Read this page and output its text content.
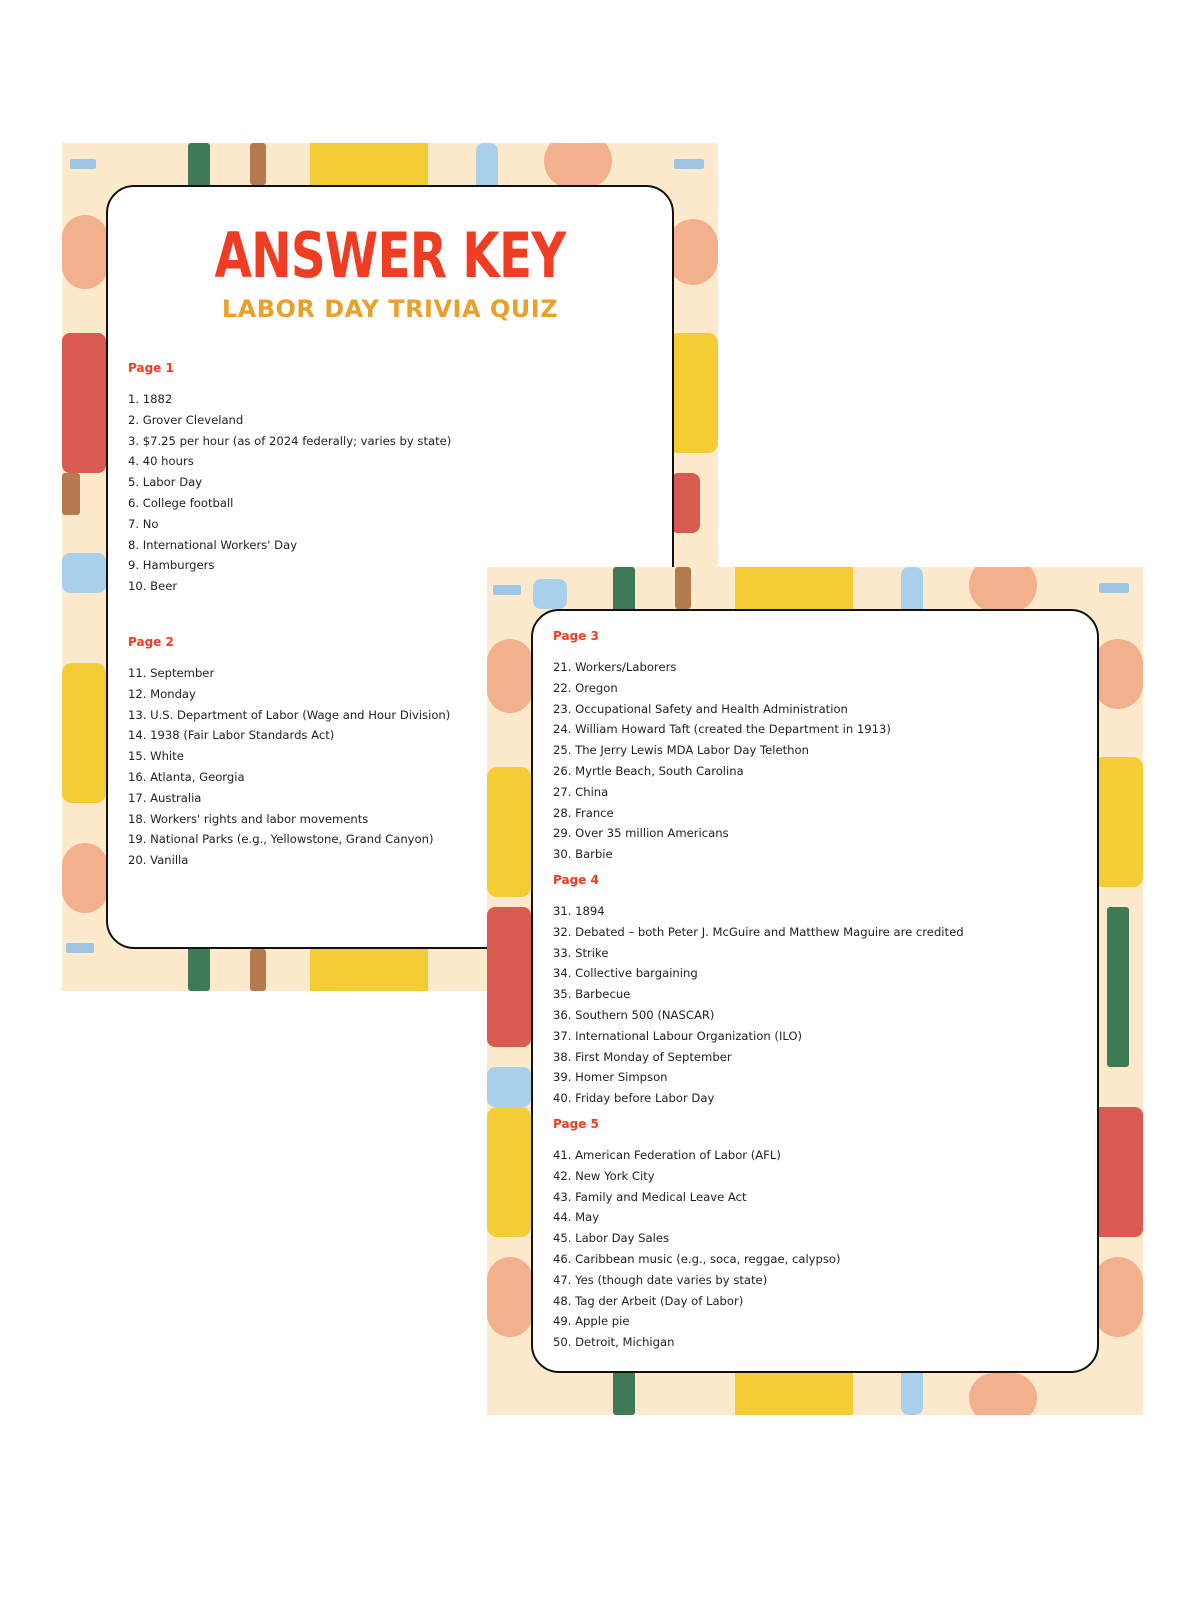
ANSWER KEY
LABOR DAY TRIVIA QUIZ
Page 1
1. 1882
2. Grover Cleveland
3. $7.25 per hour (as of 2024 federally; varies by state)
4. 40 hours
5. Labor Day
6. College football
7. No
8. International Workers' Day
9. Hamburgers
10. Beer
Page 2
11. September
12. Monday
13. U.S. Department of Labor (Wage and Hour Division)
14. 1938 (Fair Labor Standards Act)
15. White
16. Atlanta, Georgia
17. Australia
18. Workers' rights and labor movements
19. National Parks (e.g., Yellowstone, Grand Canyon)
20. Vanilla
Page 3
21. Workers/Laborers
22. Oregon
23. Occupational Safety and Health Administration
24. William Howard Taft (created the Department in 1913)
25. The Jerry Lewis MDA Labor Day Telethon
26. Myrtle Beach, South Carolina
27. China
28. France
29. Over 35 million Americans
30. Barbie
Page 4
31. 1894
32. Debated – both Peter J. McGuire and Matthew Maguire are credited
33. Strike
34. Collective bargaining
35. Barbecue
36. Southern 500 (NASCAR)
37. International Labour Organization (ILO)
38. First Monday of September
39. Homer Simpson
40. Friday before Labor Day
Page 5
41. American Federation of Labor (AFL)
42. New York City
43. Family and Medical Leave Act
44. May
45. Labor Day Sales
46. Caribbean music (e.g., soca, reggae, calypso)
47. Yes (though date varies by state)
48. Tag der Arbeit (Day of Labor)
49. Apple pie
50. Detroit, Michigan
